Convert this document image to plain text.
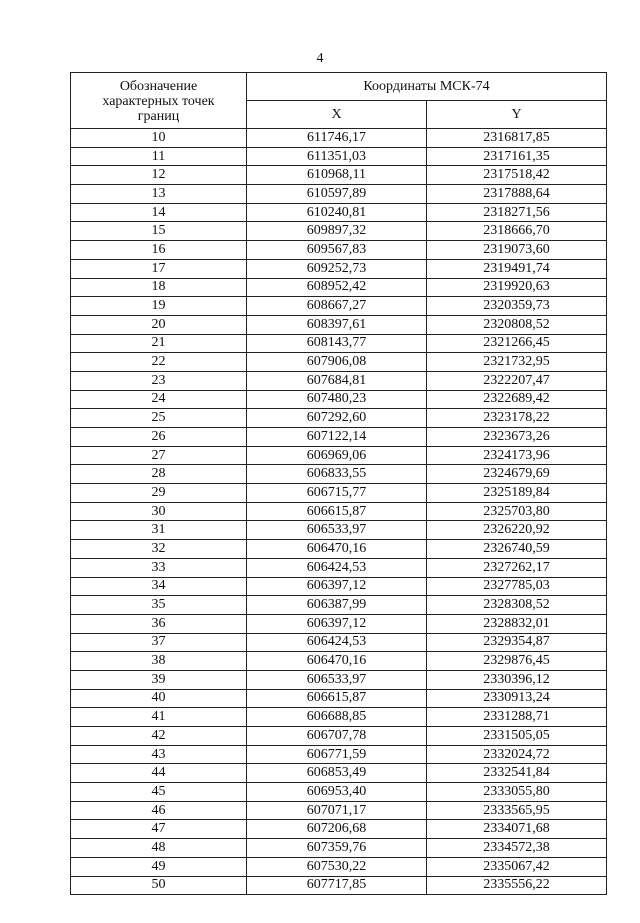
4
Обозначение
характерных точек
границ	Координаты МСК-74	
	X	Y
10	611746,17	2316817,85
11	611351,03	2317161,35
12	610968,11	2317518,42
13	610597,89	2317888,64
14	610240,81	2318271,56
15	609897,32	2318666,70
16	609567,83	2319073,60
17	609252,73	2319491,74
18	608952,42	2319920,63
19	608667,27	2320359,73
20	608397,61	2320808,52
21	608143,77	2321266,45
22	607906,08	2321732,95
23	607684,81	2322207,47
24	607480,23	2322689,42
25	607292,60	2323178,22
26	607122,14	2323673,26
27	606969,06	2324173,96
28	606833,55	2324679,69
29	606715,77	2325189,84
30	606615,87	2325703,80
31	606533,97	2326220,92
32	606470,16	2326740,59
33	606424,53	2327262,17
34	606397,12	2327785,03
35	606387,99	2328308,52
36	606397,12	2328832,01
37	606424,53	2329354,87
38	606470,16	2329876,45
39	606533,97	2330396,12
40	606615,87	2330913,24
41	606688,85	2331288,71
42	606707,78	2331505,05
43	606771,59	2332024,72
44	606853,49	2332541,84
45	606953,40	2333055,80
46	607071,17	2333565,95
47	607206,68	2334071,68
48	607359,76	2334572,38
49	607530,22	2335067,42
50	607717,85	2335556,22
